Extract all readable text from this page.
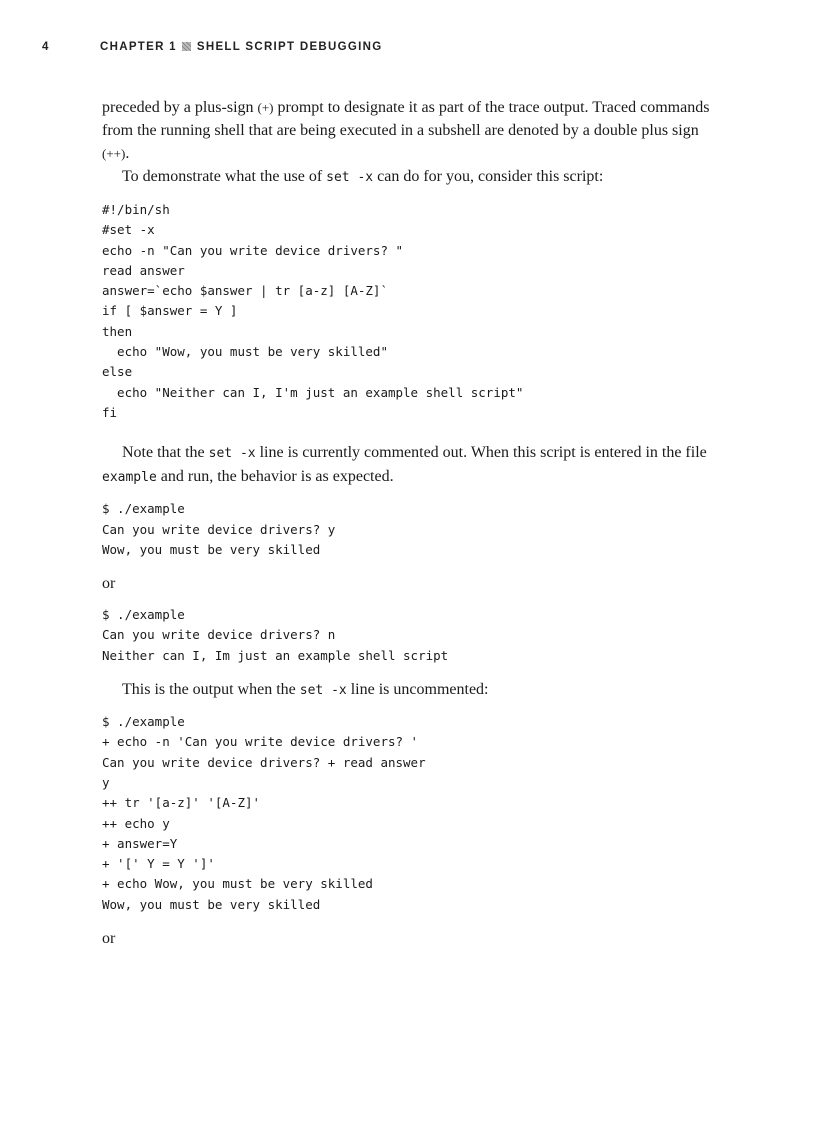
4	CHAPTER 1 SHELL SCRIPT DEBUGGING

preceded by a plus-sign (+) prompt to designate it as part of the trace output. Traced commands from the running shell that are being executed in a subshell are denoted by a double plus sign (++).

To demonstrate what the use of set -x can do for you, consider this script:

#!/bin/sh
#set -x
echo -n "Can you write device drivers? "
read answer
answer=`echo $answer | tr [a-z] [A-Z]`
if [ $answer = Y ]
then
echo "Wow, you must be very skilled"
else
echo "Neither can I, I'm just an example shell script"
fi

Note that the set -x line is currently commented out. When this script is entered in the file example and run, the behavior is as expected.

$ ./example
Can you write device drivers? y
Wow, you must be very skilled

or

$ ./example
Can you write device drivers? n
Neither can I, Im just an example shell script

This is the output when the set -x line is uncommented:

$ ./example
+ echo -n 'Can you write device drivers? '
Can you write device drivers? + read answer
y
++ tr '[a-z]' '[A-Z]'
++ echo y
+ answer=Y
+ '[' Y = Y ']'
+ echo Wow, you must be very skilled
Wow, you must be very skilled

or
